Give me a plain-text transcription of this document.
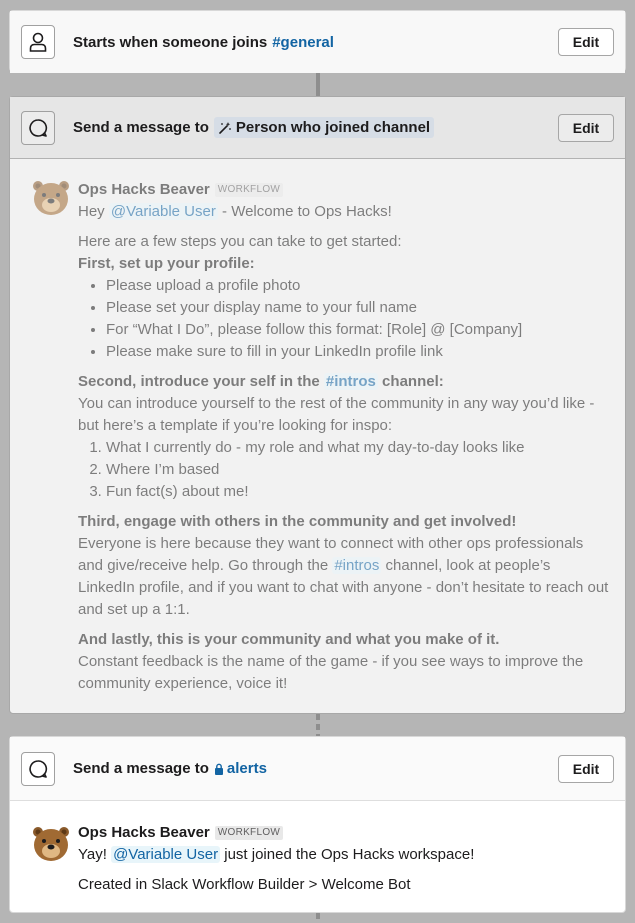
Starts when someone joins #general	Edit
Send a message to Person who joined channel	Edit
Ops Hacks Beaver WORKFLOW
Hey @Variable User - Welcome to Ops Hacks!
Here are a few steps you can take to get started:
First, set up your profile:
• Please upload a profile photo
• Please set your display name to your full name
• For “What I Do”, please follow this format: [Role] @ [Company]
• Please make sure to fill in your LinkedIn profile link
Second, introduce your self in the #intros channel:
You can introduce yourself to the rest of the community in any way you’d like - but here’s a template if you’re looking for inspo:
1. What I currently do - my role and what my day-to-day looks like
2. Where I’m based
3. Fun fact(s) about me!
Third, engage with others in the community and get involved!
Everyone is here because they want to connect with other ops professionals and give/receive help. Go through the #intros channel, look at people’s LinkedIn profile, and if you want to chat with anyone - don’t hesitate to reach out and set up a 1:1.
And lastly, this is your community and what you make of it.
Constant feedback is the name of the game - if you see ways to improve the community experience, voice it!
Send a message to alerts	Edit
Ops Hacks Beaver WORKFLOW
Yay! @Variable User just joined the Ops Hacks workspace!
Created in Slack Workflow Builder > Welcome Bot
